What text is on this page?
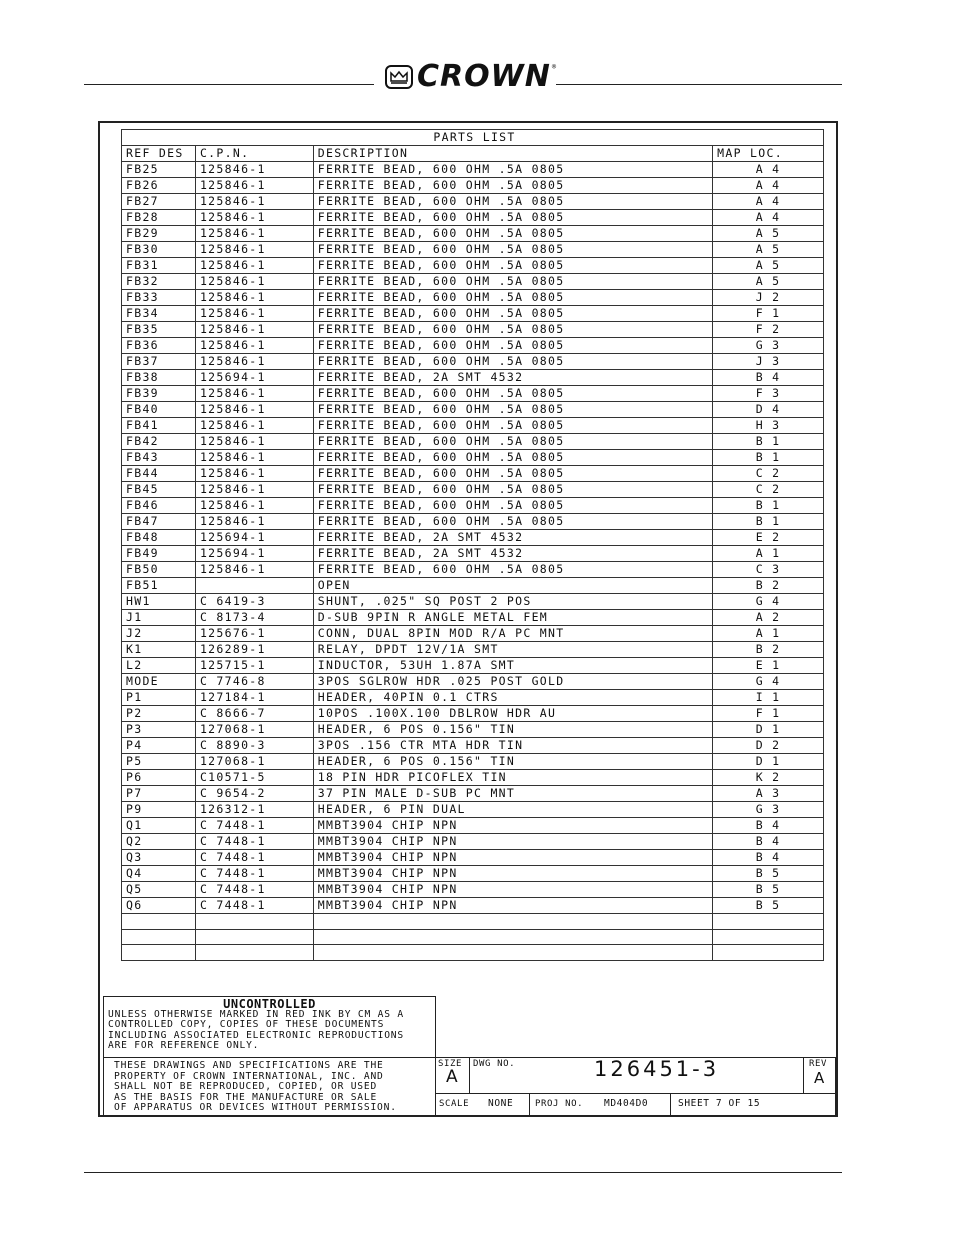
CROWN ®
PARTS LIST			
REF DES	C.P.N.	DESCRIPTION	MAP LOC.
FB25	125846-1	FERRITE BEAD, 600 OHM .5A 0805	A 4
FB26	125846-1	FERRITE BEAD, 600 OHM .5A 0805	A 4
FB27	125846-1	FERRITE BEAD, 600 OHM .5A 0805	A 4
FB28	125846-1	FERRITE BEAD, 600 OHM .5A 0805	A 4
FB29	125846-1	FERRITE BEAD, 600 OHM .5A 0805	A 5
FB30	125846-1	FERRITE BEAD, 600 OHM .5A 0805	A 5
FB31	125846-1	FERRITE BEAD, 600 OHM .5A 0805	A 5
FB32	125846-1	FERRITE BEAD, 600 OHM .5A 0805	A 5
FB33	125846-1	FERRITE BEAD, 600 OHM .5A 0805	J 2
FB34	125846-1	FERRITE BEAD, 600 OHM .5A 0805	F 1
FB35	125846-1	FERRITE BEAD, 600 OHM .5A 0805	F 2
FB36	125846-1	FERRITE BEAD, 600 OHM .5A 0805	G 3
FB37	125846-1	FERRITE BEAD, 600 OHM .5A 0805	J 3
FB38	125694-1	FERRITE BEAD, 2A SMT 4532	B 4
FB39	125846-1	FERRITE BEAD, 600 OHM .5A 0805	F 3
FB40	125846-1	FERRITE BEAD, 600 OHM .5A 0805	D 4
FB41	125846-1	FERRITE BEAD, 600 OHM .5A 0805	H 3
FB42	125846-1	FERRITE BEAD, 600 OHM .5A 0805	B 1
FB43	125846-1	FERRITE BEAD, 600 OHM .5A 0805	B 1
FB44	125846-1	FERRITE BEAD, 600 OHM .5A 0805	C 2
FB45	125846-1	FERRITE BEAD, 600 OHM .5A 0805	C 2
FB46	125846-1	FERRITE BEAD, 600 OHM .5A 0805	B 1
FB47	125846-1	FERRITE BEAD, 600 OHM .5A 0805	B 1
FB48	125694-1	FERRITE BEAD, 2A SMT 4532	E 2
FB49	125694-1	FERRITE BEAD, 2A SMT 4532	A 1
FB50	125846-1	FERRITE BEAD, 600 OHM .5A 0805	C 3
FB51		OPEN	B 2
HW1	C 6419-3	SHUNT, .025" SQ POST 2 POS	G 4
J1	C 8173-4	D-SUB 9PIN R ANGLE METAL FEM	A 2
J2	125676-1	CONN, DUAL 8PIN MOD R/A PC MNT	A 1
K1	126289-1	RELAY, DPDT 12V/1A SMT	B 2
L2	125715-1	INDUCTOR, 53UH 1.87A SMT	E 1
MODE	C 7746-8	3POS SGLROW HDR .025 POST GOLD	G 4
P1	127184-1	HEADER, 40PIN 0.1 CTRS	I 1
P2	C 8666-7	10POS .100X.100 DBLROW HDR AU	F 1
P3	127068-1	HEADER, 6 POS 0.156" TIN	D 1
P4	C 8890-3	3POS .156 CTR MTA HDR TIN	D 2
P5	127068-1	HEADER, 6 POS 0.156" TIN	D 1
P6	C10571-5	18 PIN HDR PICOFLEX TIN	K 2
P7	C 9654-2	37 PIN MALE D-SUB PC MNT	A 3
P9	126312-1	HEADER, 6 PIN DUAL	G 3
Q1	C 7448-1	MMBT3904 CHIP NPN	B 4
Q2	C 7448-1	MMBT3904 CHIP NPN	B 4
Q3	C 7448-1	MMBT3904 CHIP NPN	B 4
Q4	C 7448-1	MMBT3904 CHIP NPN	B 5
Q5	C 7448-1	MMBT3904 CHIP NPN	B 5
Q6	C 7448-1	MMBT3904 CHIP NPN	B 5

UNCONTROLLED
UNLESS OTHERWISE MARKED IN RED INK BY CM AS A
CONTROLLED COPY, COPIES OF THESE DOCUMENTS
INCLUDING ASSOCIATED ELECTRONIC REPRODUCTIONS
ARE FOR REFERENCE ONLY.
THESE DRAWINGS AND SPECIFICATIONS ARE THE
PROPERTY OF CROWN INTERNATIONAL, INC. AND
SHALL NOT BE REPRODUCED, COPIED, OR USED
AS THE BASIS FOR THE MANUFACTURE OR SALE
OF APPARATUS OR DEVICES WITHOUT PERMISSION.
SIZE
A
DWG NO.	126451-3	REV
A
SCALE NONE PROJ NO. MD404D0	SHEET 7 OF 15
